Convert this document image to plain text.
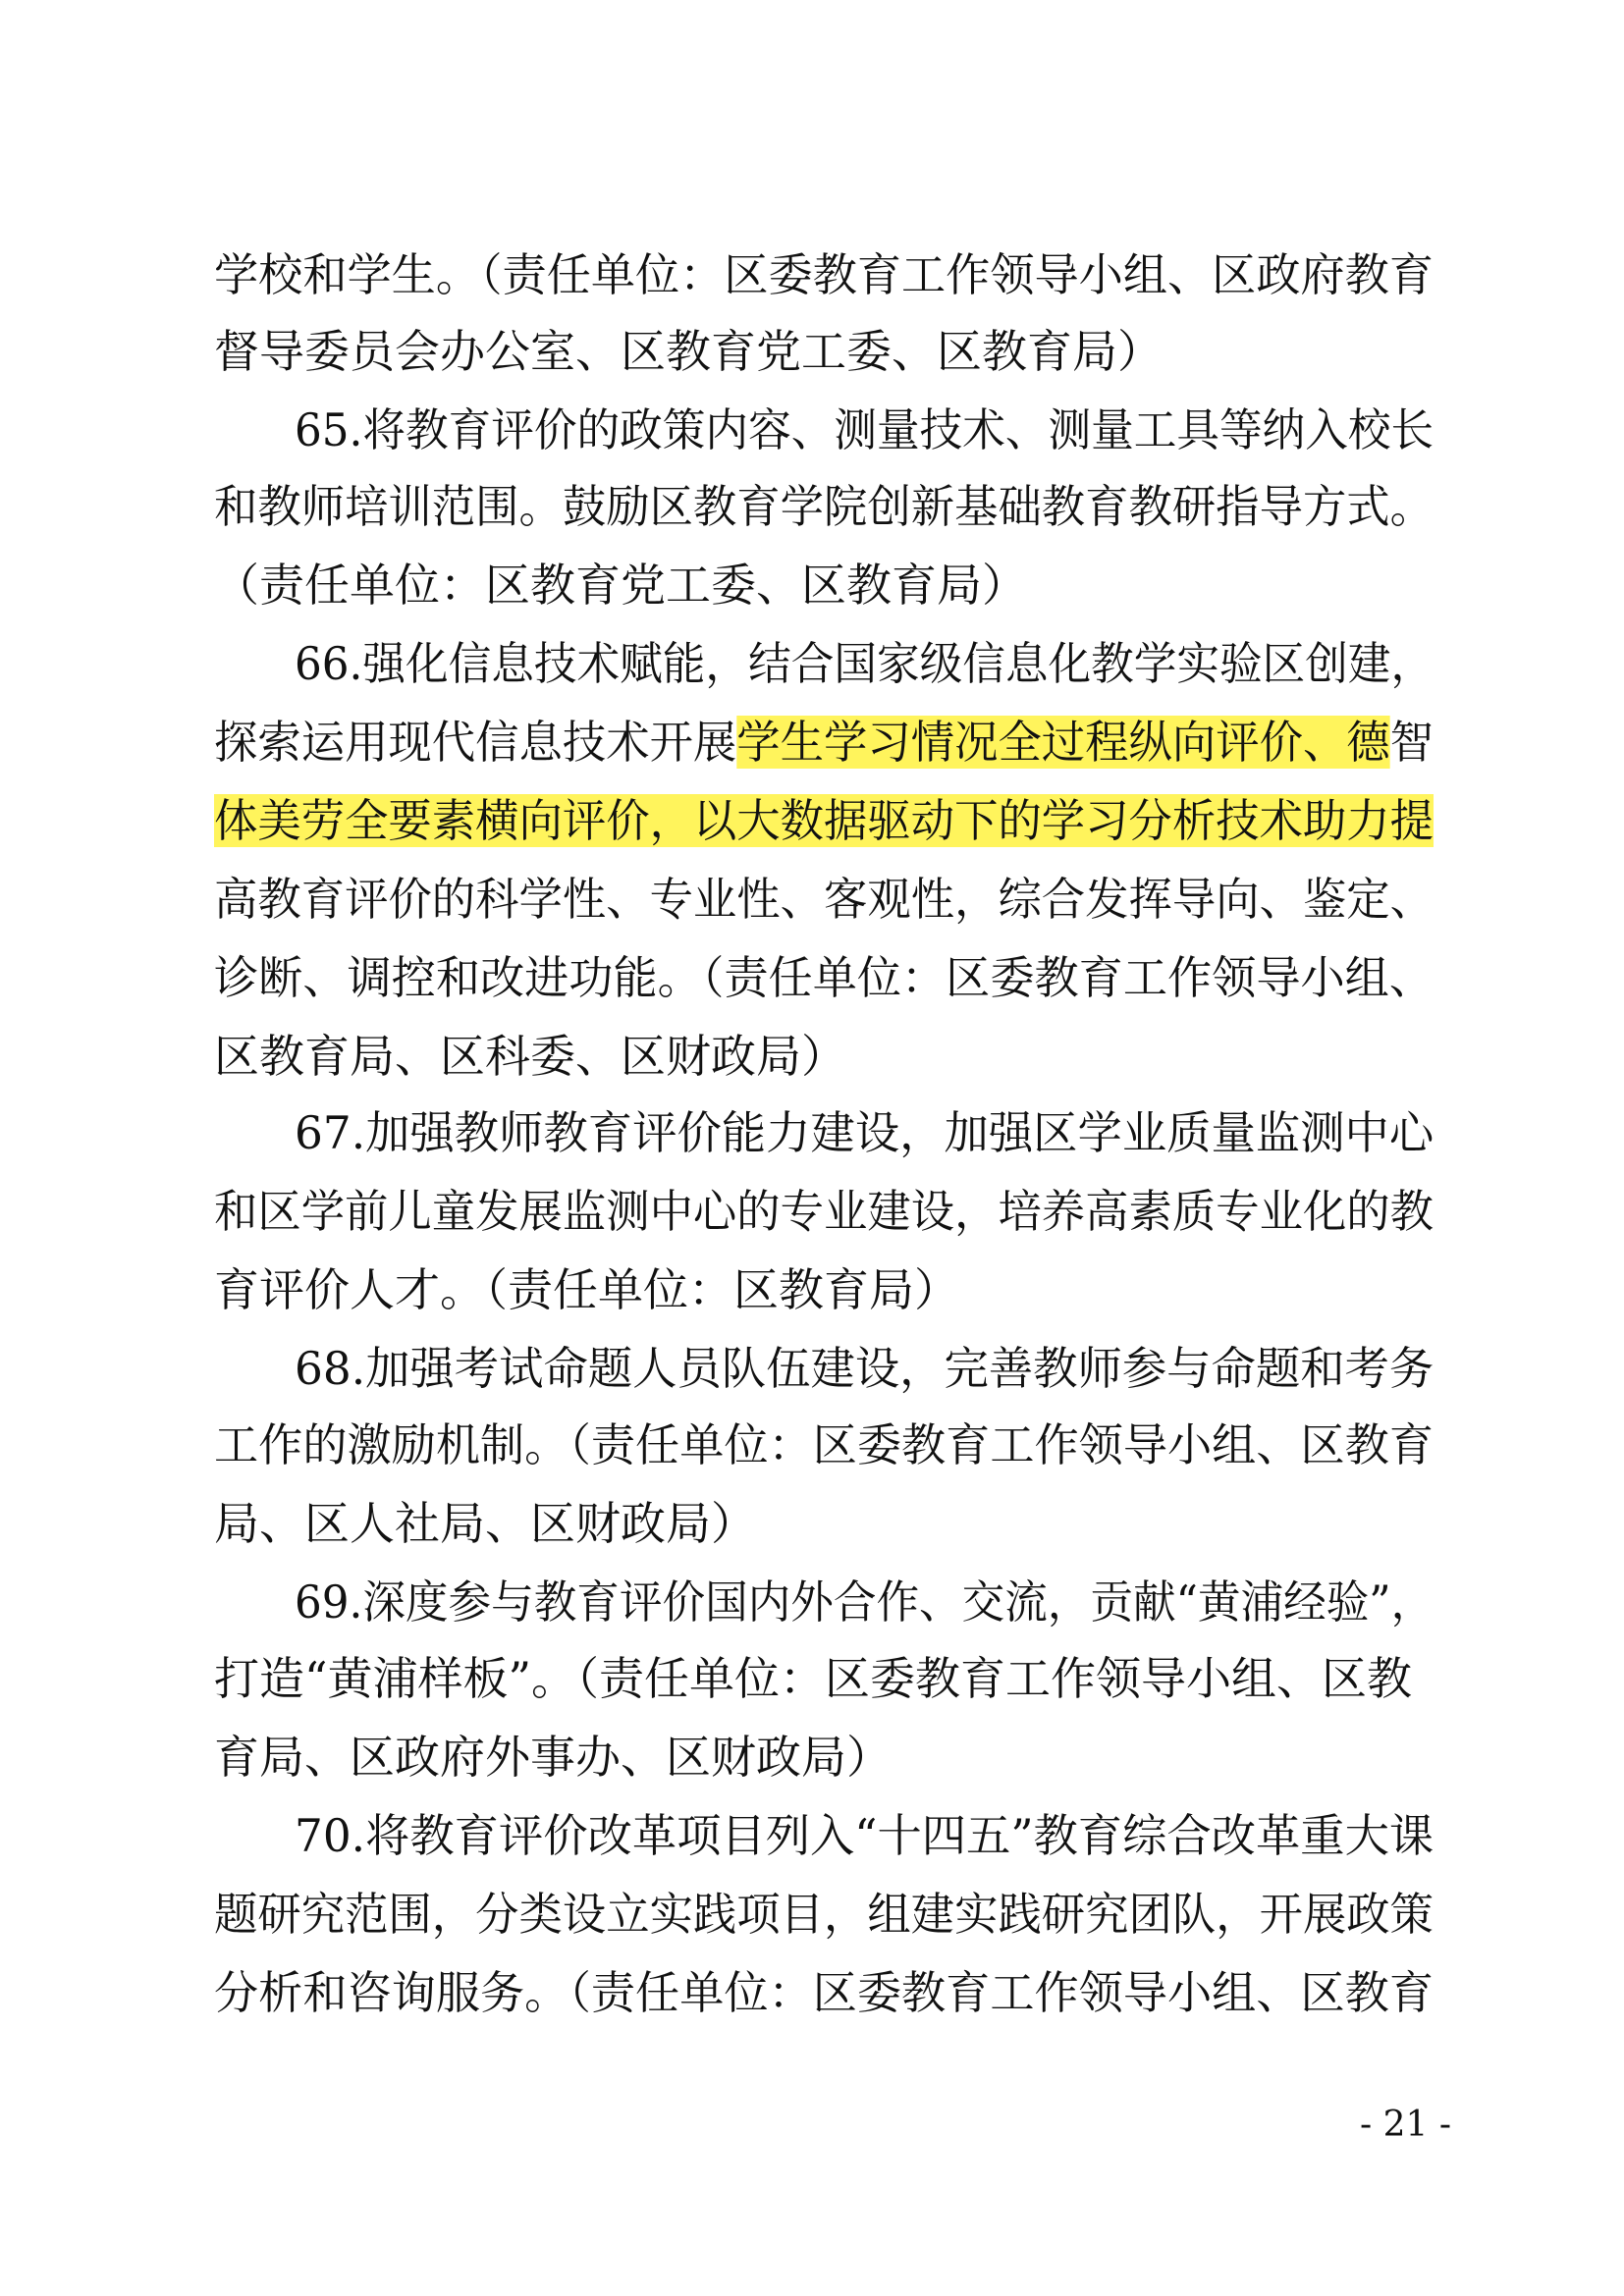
学校和学生。（责任单位：区委教育工作领导小组、区政府教育
督导委员会办公室、区教育党工委、区教育局）
65.将教育评价的政策内容、测量技术、测量工具等纳入校长
和教师培训范围。鼓励区教育学院创新基础教育教研指导方式。
（责任单位：区教育党工委、区教育局）
66.强化信息技术赋能，结合国家级信息化教学实验区创建，
探索运用现代信息技术开展学生学习情况全过程纵向评价、德智
体美劳全要素横向评价，以大数据驱动下的学习分析技术助力提
高教育评价的科学性、专业性、客观性，综合发挥导向、鉴定、
诊断、调控和改进功能。（责任单位：区委教育工作领导小组、
区教育局、区科委、区财政局）
67.加强教师教育评价能力建设，加强区学业质量监测中心
和区学前儿童发展监测中心的专业建设，培养高素质专业化的教
育评价人才。（责任单位：区教育局）
68.加强考试命题人员队伍建设，完善教师参与命题和考务
工作的激励机制。（责任单位：区委教育工作领导小组、区教育
局、区人社局、区财政局）
69.深度参与教育评价国内外合作、交流，贡献“黄浦经验”，
打造“黄浦样板”。（责任单位：区委教育工作领导小组、区教
育局、区政府外事办、区财政局）
70.将教育评价改革项目列入“十四五”教育综合改革重大课
题研究范围，分类设立实践项目，组建实践研究团队，开展政策
分析和咨询服务。（责任单位：区委教育工作领导小组、区教育
- 21 -
